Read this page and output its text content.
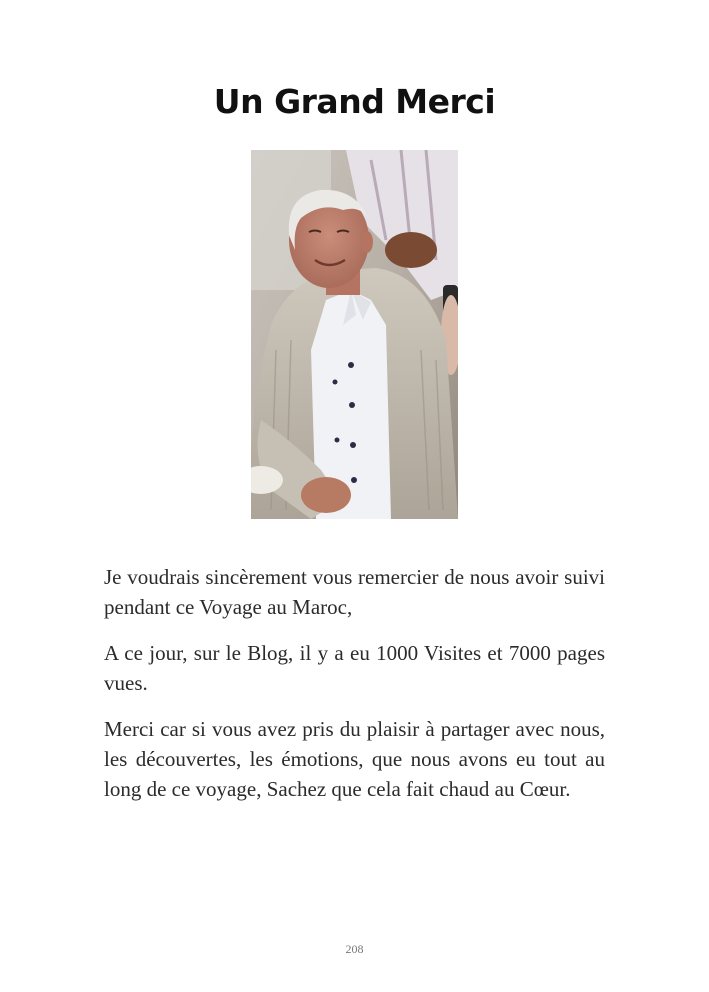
Un Grand Merci

Je voudrais sincèrement vous remercier de nous avoir suivi pendant ce Voyage au Maroc,

A ce jour, sur le Blog, il y a eu 1000 Visites et 7000 pages vues.

Merci car si vous avez pris du plaisir à partager avec nous, les découvertes, les émotions, que nous avons eu tout au long de ce voyage, Sachez que cela fait chaud au Cœur.

208
